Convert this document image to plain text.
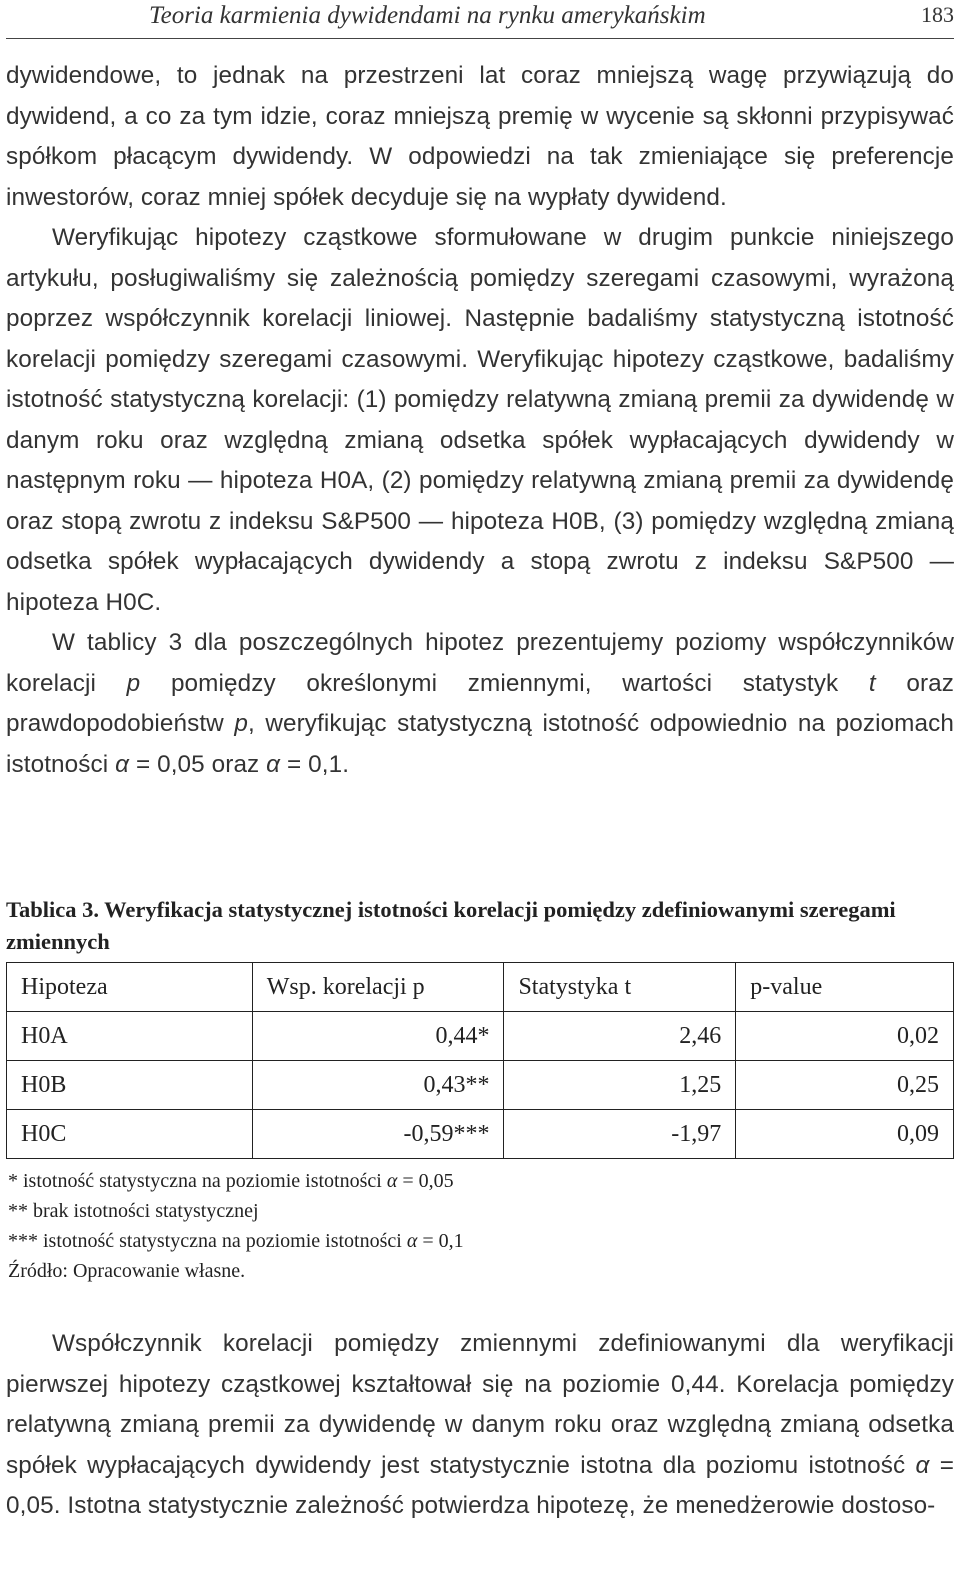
Teoria karmienia dywidendami na rynku amerykańskim	183

dywidendowe, to jednak na przestrzeni lat coraz mniejszą wagę przywiązują do dywidend, a co za tym idzie, coraz mniejszą premię w wycenie są skłonni przypisywać spółkom płacącym dywidendy. W odpowiedzi na tak zmieniające się preferencje inwestorów, coraz mniej spółek decyduje się na wypłaty dywidend.

Weryfikując hipotezy cząstkowe sformułowane w drugim punkcie niniejszego artykułu, posługiwaliśmy się zależnością pomiędzy szeregami czasowymi, wyrażoną poprzez współczynnik korelacji liniowej. Następnie badaliśmy statystyczną istotność korelacji pomiędzy szeregami czasowymi. Weryfikując hipotezy cząstkowe, badaliśmy istotność statystyczną korelacji: (1) pomiędzy relatywną zmianą premii za dywidendę w danym roku oraz względną zmianą odsetka spółek wypłacających dywidendy w następnym roku — hipoteza H0A, (2) pomiędzy relatywną zmianą premii za dywidendę oraz stopą zwrotu z indeksu S&P500 — hipoteza H0B, (3) pomiędzy względną zmianą odsetka spółek wypłacających dywidendy a stopą zwrotu z indeksu S&P500 — hipoteza H0C.

W tablicy 3 dla poszczególnych hipotez prezentujemy poziomy współczynników korelacji p pomiędzy określonymi zmiennymi, wartości statystyk t oraz prawdopodobieństw p, weryfikując statystyczną istotność odpowiednio na poziomach istotności α = 0,05 oraz α = 0,1.

Tablica 3. Weryfikacja statystycznej istotności korelacji pomiędzy zdefiniowanymi szeregami zmiennych
Hipoteza	Wsp. korelacji p	Statystyka t	p-value
H0A	0,44*	2,46	0,02
H0B	0,43**	1,25	0,25
H0C	-0,59***	-1,97	0,09
* istotność statystyczna na poziomie istotności α = 0,05
** brak istotności statystycznej
*** istotność statystyczna na poziomie istotności α = 0,1
Źródło: Opracowanie własne.

Współczynnik korelacji pomiędzy zmiennymi zdefiniowanymi dla weryfikacji pierwszej hipotezy cząstkowej kształtował się na poziomie 0,44. Korelacja pomiędzy relatywną zmianą premii za dywidendę w danym roku oraz względną zmianą odsetka spółek wypłacających dywidendy jest statystycznie istotna dla poziomu istotność α = 0,05. Istotna statystycznie zależność potwierdza hipotezę, że menedżerowie dostoso-
